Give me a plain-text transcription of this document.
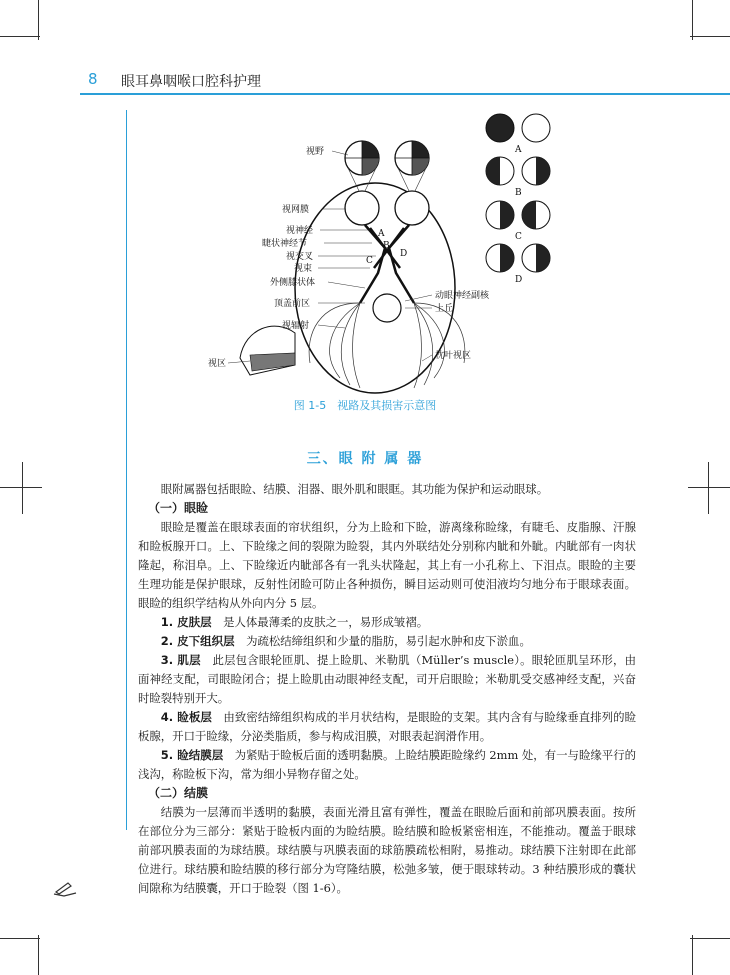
8 眼耳鼻咽喉口腔科护理
视野
视网膜
视神经
睫状神经节
视交叉
视束
外侧膝状体
顶盖前区
视辐射
视区
动眼神经副核
上丘
枕叶视区
A
B
C
D
A
B
C
D
图 1-5　视路及其损害示意图
三、眼 附 属 器

眼附属器包括眼睑、结膜、泪器、眼外肌和眼眶。其功能为保护和运动眼球。

（一）眼睑

眼睑是覆盖在眼球表面的帘状组织，分为上睑和下睑，游离缘称睑缘，有睫毛、皮脂腺、汗腺和睑板腺开口。上、下睑缘之间的裂隙为睑裂，其内外联结处分别称内眦和外眦。内眦部有一肉状隆起，称泪阜。上、下睑缘近内眦部各有一乳头状隆起，其上有一小孔称上、下泪点。眼睑的主要生理功能是保护眼球，反射性闭睑可防止各种损伤，瞬目运动则可使泪液均匀地分布于眼球表面。眼睑的组织学结构从外向内分 5 层。

1. 皮肤层　是人体最薄柔的皮肤之一，易形成皱褶。

2. 皮下组织层　为疏松结缔组织和少量的脂肪，易引起水肿和皮下淤血。

3. 肌层　此层包含眼轮匝肌、提上睑肌、米勒肌（Müller’s muscle）。眼轮匝肌呈环形，由面神经支配，司眼睑闭合；提上睑肌由动眼神经支配，司开启眼睑；米勒肌受交感神经支配，兴奋时睑裂特别开大。

4. 睑板层　由致密结缔组织构成的半月状结构，是眼睑的支架。其内含有与睑缘垂直排列的睑板腺，开口于睑缘，分泌类脂质，参与构成泪膜，对眼表起润滑作用。

5. 睑结膜层　为紧贴于睑板后面的透明黏膜。上睑结膜距睑缘约 2mm 处，有一与睑缘平行的浅沟，称睑板下沟，常为细小异物存留之处。

（二）结膜

结膜为一层薄而半透明的黏膜，表面光滑且富有弹性，覆盖在眼睑后面和前部巩膜表面。按所在部位分为三部分：紧贴于睑板内面的为睑结膜。睑结膜和睑板紧密相连，不能推动。覆盖于眼球前部巩膜表面的为球结膜。球结膜与巩膜表面的球筋膜疏松相附，易推动。球结膜下注射即在此部位进行。球结膜和睑结膜的移行部分为穹隆结膜，松弛多皱，便于眼球转动。3 种结膜形成的囊状间隙称为结膜囊，开口于睑裂（图 1-6）。
